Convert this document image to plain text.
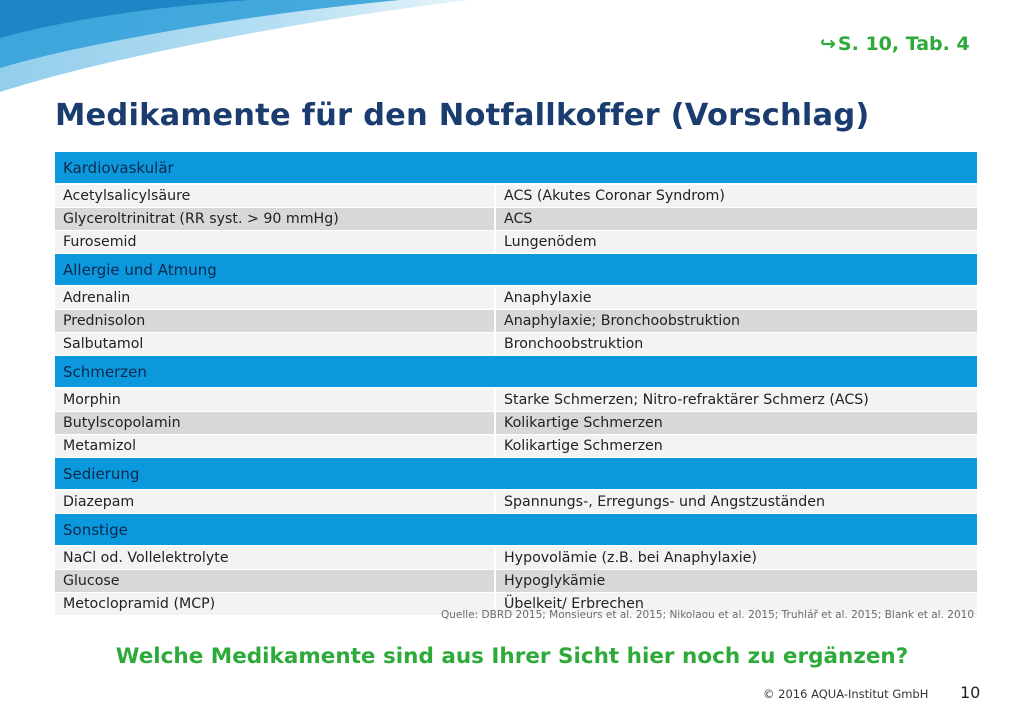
↪ S. 10, Tab. 4
Medikamente für den Notfallkoffer (Vorschlag)
Kardiovaskulär	
Acetylsalicylsäure	ACS (Akutes Coronar Syndrom)
Glyceroltrinitrat (RR syst. > 90 mmHg)	ACS
Furosemid	Lungenödem
Allergie und Atmung	
Adrenalin	Anaphylaxie
Prednisolon	Anaphylaxie; Bronchoobstruktion
Salbutamol	Bronchoobstruktion
Schmerzen	
Morphin	Starke Schmerzen; Nitro-refraktärer Schmerz (ACS)
Butylscopolamin	Kolikartige Schmerzen
Metamizol	Kolikartige Schmerzen
Sedierung	
Diazepam	Spannungs-, Erregungs- und Angstzuständen
Sonstige	
NaCl od. Vollelektrolyte	Hypovolämie (z.B. bei Anaphylaxie)
Glucose	Hypoglykämie
Metoclopramid (MCP)	Übelkeit/ Erbrechen
Quelle: DBRD 2015; Monsieurs et al. 2015; Nikolaou et al. 2015; Truhlář et al. 2015; Blank et al. 2010
Welche Medikamente sind aus Ihrer Sicht hier noch zu ergänzen?
© 2016 AQUA-Institut GmbH 10
